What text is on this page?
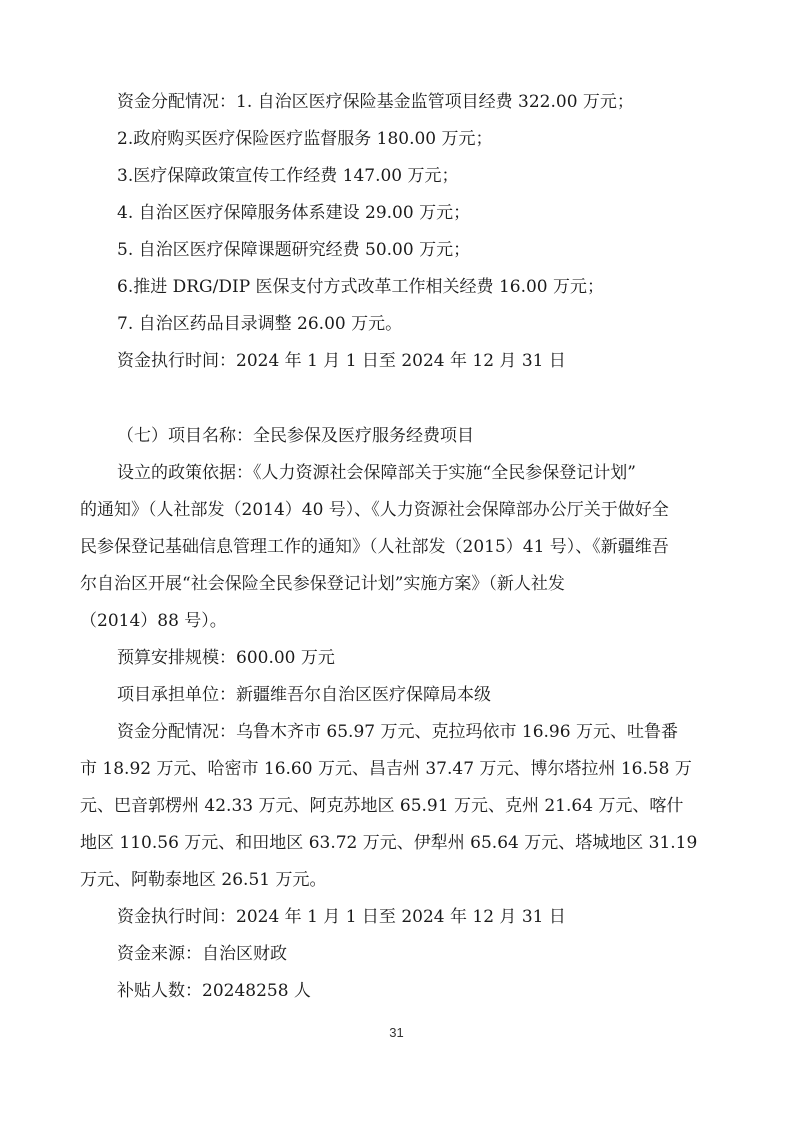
资金分配情况：1. 自治区医疗保险基金监管项目经费 322.00 万元；
2.政府购买医疗保险医疗监督服务 180.00 万元；
3.医疗保障政策宣传工作经费 147.00 万元；
4. 自治区医疗保障服务体系建设 29.00 万元；
5. 自治区医疗保障课题研究经费 50.00 万元；
6.推进 DRG/DIP 医保支付方式改革工作相关经费 16.00 万元；
7. 自治区药品目录调整 26.00 万元。
资金执行时间：2024 年 1 月 1 日至 2024 年 12 月 31 日
（七）项目名称：全民参保及医疗服务经费项目
设立的政策依据：《人力资源社会保障部关于实施“全民参保登记计划”
的通知》（人社部发（2014）40 号）、《人力资源社会保障部办公厅关于做好全
民参保登记基础信息管理工作的通知》（人社部发（2015）41 号）、《新疆维吾
尔自治区开展“社会保险全民参保登记计划”实施方案》（新人社发
（2014）88 号）。
预算安排规模：600.00 万元
项目承担单位：新疆维吾尔自治区医疗保障局本级
资金分配情况：乌鲁木齐市 65.97 万元、克拉玛依市 16.96 万元、吐鲁番
市 18.92 万元、哈密市 16.60 万元、昌吉州 37.47 万元、博尔塔拉州 16.58 万
元、巴音郭楞州 42.33 万元、阿克苏地区 65.91 万元、克州 21.64 万元、喀什
地区 110.56 万元、和田地区 63.72 万元、伊犁州 65.64 万元、塔城地区 31.19
万元、阿勒泰地区 26.51 万元。
资金执行时间：2024 年 1 月 1 日至 2024 年 12 月 31 日
资金来源：自治区财政
补贴人数：20248258 人
31
